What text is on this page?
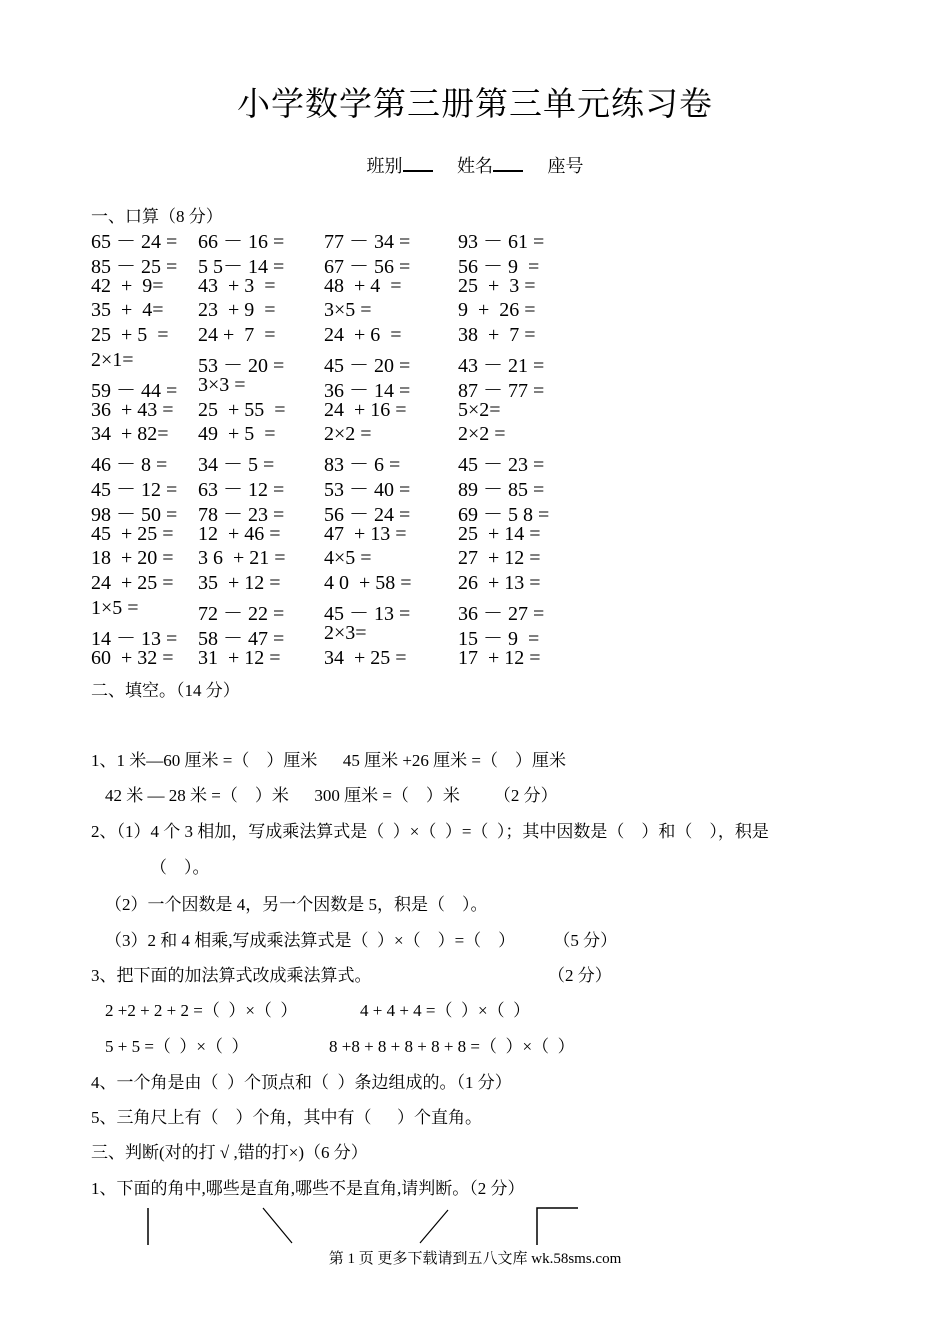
小学数学第三册第三单元练习卷
班别	姓名	座号
一、口算（8 分）
65 － 24 = 66 － 16 = 77 － 34 = 93 － 61 =
85 － 25 = 5 5－ 14 = 67 － 56 = 56 － 9  =
42  +  9= 43  + 3  = 48  + 4  =	25  +  3 =
35  +  4= 23  + 9  = 3×5 =	9  +  26 =
25  + 5  = 24 +  7  = 24  + 6  =	38  +  7 =
2×1=	53 － 20 = 45 － 20 = 43 － 21 =
59 － 44 = 3×3 =	36 － 14 = 87 － 77 =
36  + 43 = 25  + 55  = 24  + 16 =	5×2=
34  + 82= 49  + 5  = 2×2 =	2×2 =
46 － 8 = 34 － 5 = 83 － 6 =	45 － 23 =
45 － 12 = 63 － 12 = 53 － 40 = 89 － 85 =
98 － 50 = 78 － 23 = 56 － 24 = 69 － 5 8 =
45  + 25 = 12  + 46 = 47  + 13 =	25  + 14 =
18  + 20 = 3 6  + 21 = 4×5 =	27  + 12 =
24  + 25 = 35  + 12 = 4 0  + 58 = 26  + 13 =
1×5 =	72 － 22 = 45 － 13 = 36 － 27 =
14 － 13 = 58 － 47 = 2×3=	15 － 9  =
60  + 32 = 31  + 12 = 34  + 25 =	17  + 12 =
二、填空。（14 分）
1、1 米—60 厘米 =（    ）厘米      45 厘米 +26 厘米 =（    ）厘米
42 米 — 28 米 =（    ）米      300 厘米 =（    ）米        （2 分）
2、（1）4 个 3 相加，写成乘法算式是（  ）×（  ）=（  ）；其中因数是（    ）和（    ），积是
（    ）。
（2）一个因数是 4，另一个因数是 5，积是（    ）。
（3）2 和 4 相乘,写成乘法算式是（  ）×（    ）=（    ）         （5 分）
3、把下面的加法算式改成乘法算式。	（2 分）
2 +2 + 2 + 2 =（  ）×（  ）	4 + 4 + 4 =（  ）×（  ）
5 + 5 =（  ）×（  ）	8 +8 + 8 + 8 + 8 + 8 =（  ）×（  ）
4、一个角是由（  ）个顶点和（  ）条边组成的。（1 分）
5、三角尺上有（    ）个角，其中有（      ）个直角。
三、判断(对的打 √ ,错的打×)（6 分）
1、下面的角中,哪些是直角,哪些不是直角,请判断。（2 分）
第 1 页 更多下载请到五八文库 wk.58sms.com
